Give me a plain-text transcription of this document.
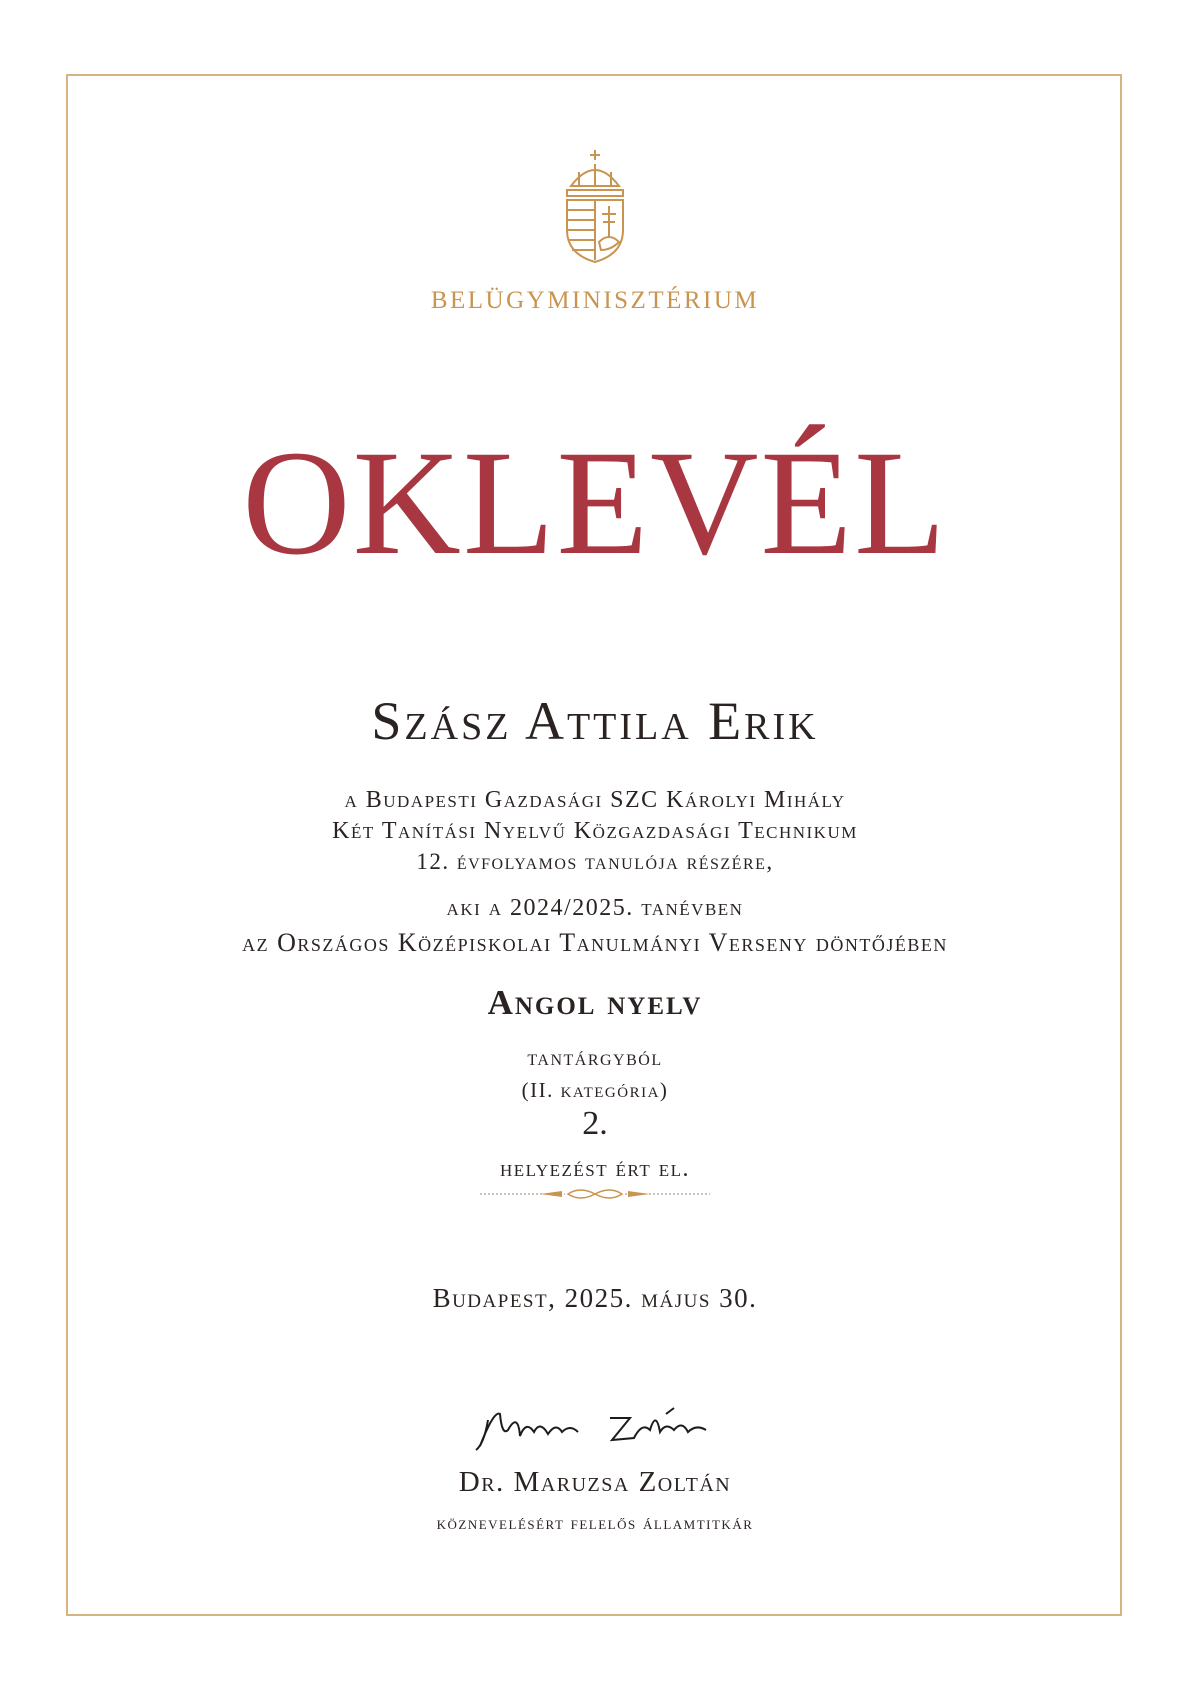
BELÜGYMINISZTÉRIUM
OKLEVÉL
Szász Attila Erik
a Budapesti Gazdasági SZC Károlyi Mihály
Két Tanítási Nyelvű Közgazdasági Technikum
12. évfolyamos tanulója részére,
aki a 2024/2025. tanévben
az Országos Középiskolai Tanulmányi Verseny döntőjében
Angol nyelv
tantárgyból
(II. kategória)
2.
helyezést ért el.
Budapest, 2025. május 30.
Dr. Maruzsa Zoltán
köznevelésért felelős államtitkár
